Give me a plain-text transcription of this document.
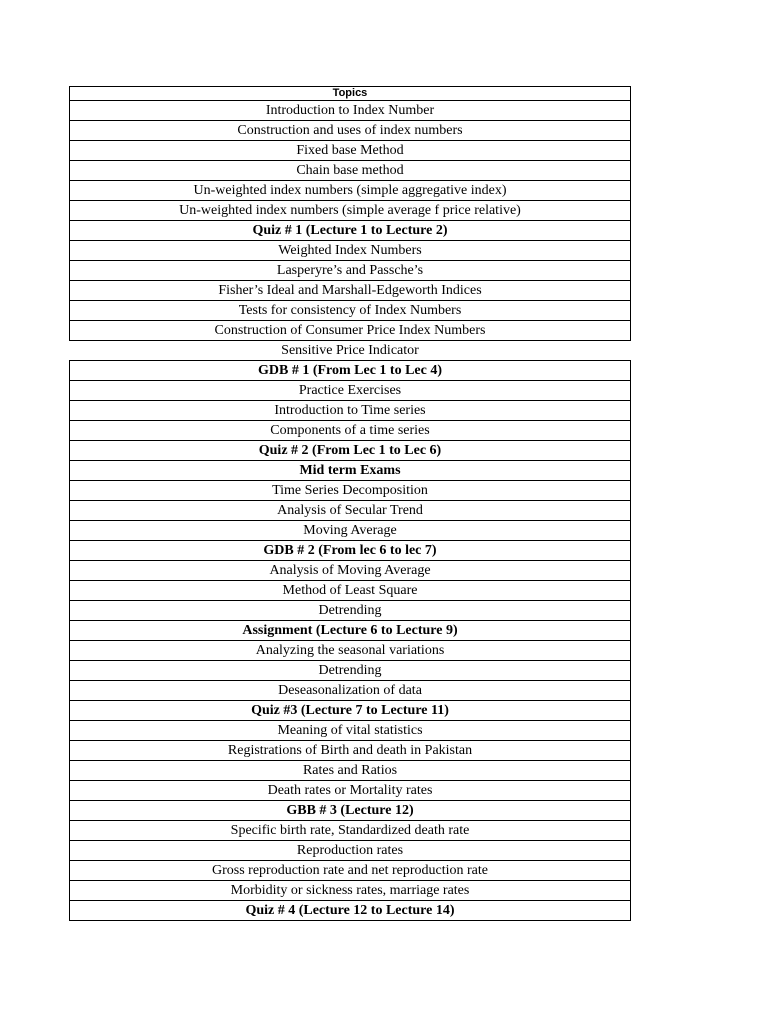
Topics
Introduction to Index Number
Construction and uses of index numbers
Fixed base Method
Chain base method
Un-weighted index numbers (simple aggregative index)
Un-weighted index numbers (simple average f price relative)
Quiz # 1 (Lecture 1 to Lecture 2)
Weighted Index Numbers
Lasperyre’s and Passche’s
Fisher’s Ideal and Marshall-Edgeworth Indices
Tests for consistency of Index Numbers
Construction of Consumer Price Index Numbers
Sensitive Price Indicator
GDB # 1 (From Lec 1 to Lec 4)
Practice Exercises
Introduction to Time series
Components of a time series
Quiz # 2 (From Lec 1 to Lec 6)
Mid term Exams
Time Series Decomposition
Analysis of Secular Trend
Moving Average
GDB # 2 (From lec 6 to lec 7)
Analysis of Moving Average
Method of Least Square
Detrending
Assignment (Lecture 6 to Lecture 9)
Analyzing the seasonal variations
Detrending
Deseasonalization of data
Quiz #3 (Lecture 7 to Lecture 11)
Meaning of vital statistics
Registrations of Birth and death in Pakistan
Rates and Ratios
Death rates or Mortality rates
GBB # 3 (Lecture 12)
Specific birth rate, Standardized death rate
Reproduction rates
Gross reproduction rate and net reproduction rate
Morbidity or sickness rates, marriage rates
Quiz # 4 (Lecture 12 to Lecture 14)
